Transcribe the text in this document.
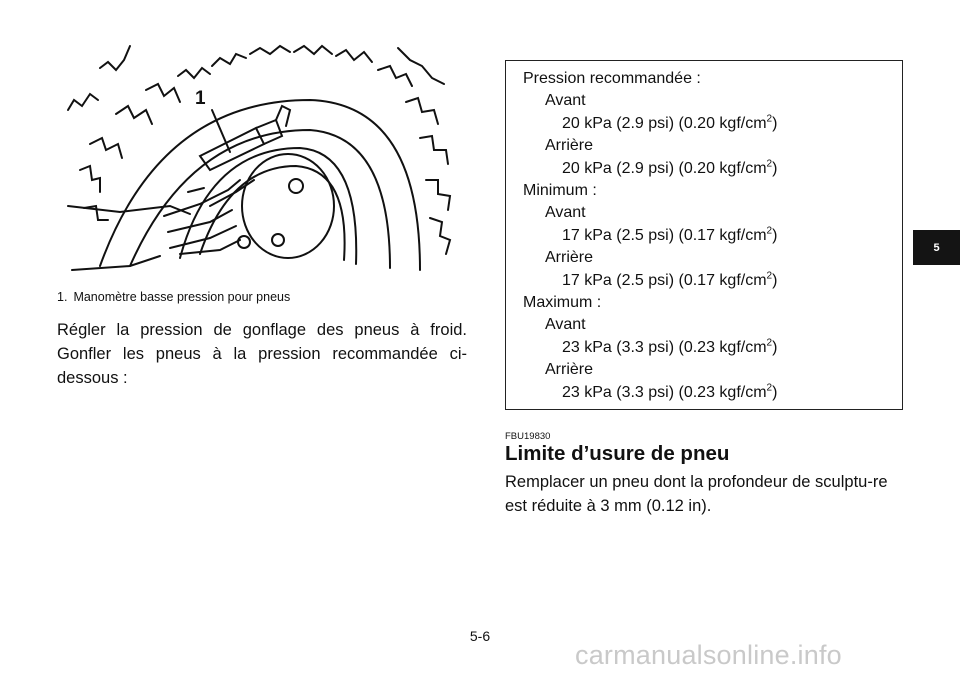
1
1. Manomètre basse pression pour pneus
Régler la pression de gonflage des pneus à froid. Gonfler les pneus à la pression recommandée ci-dessous :
Pression recommandée :
Avant
20 kPa (2.9 psi) (0.20 kgf/$cm^2$)
Arrière
20 kPa (2.9 psi) (0.20 kgf/$cm^2$)
Minimum :
Avant
17 kPa (2.5 psi) (0.17 kgf/$cm^2$)
Arrière
17 kPa (2.5 psi) (0.17 kgf/$cm^2$)
Maximum :
Avant
23 kPa (3.3 psi) (0.23 kgf/$cm^2$)
Arrière
23 kPa (3.3 psi) (0.23 kgf/$cm^2$)
FBU19830
Limite d’usure de pneu
Remplacer un pneu dont la profondeur de sculptu-re est réduite à 3 mm (0.12 in).
5
5-6
carmanualsonline.info
